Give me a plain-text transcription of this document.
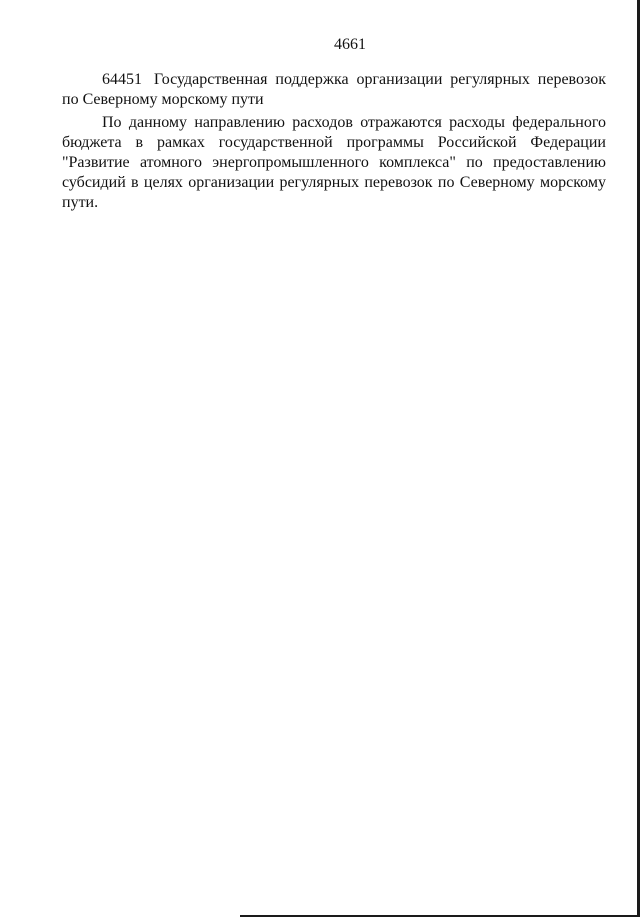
4661

64451 Государственная поддержка организации регулярных перевозок по Северному морскому пути

По данному направлению расходов отражаются расходы федерального бюджета в рамках государственной программы Российской Федерации "Развитие атомного энергопромышленного комплекса" по предоставлению субсидий в целях организации регулярных перевозок по Северному морскому пути.
